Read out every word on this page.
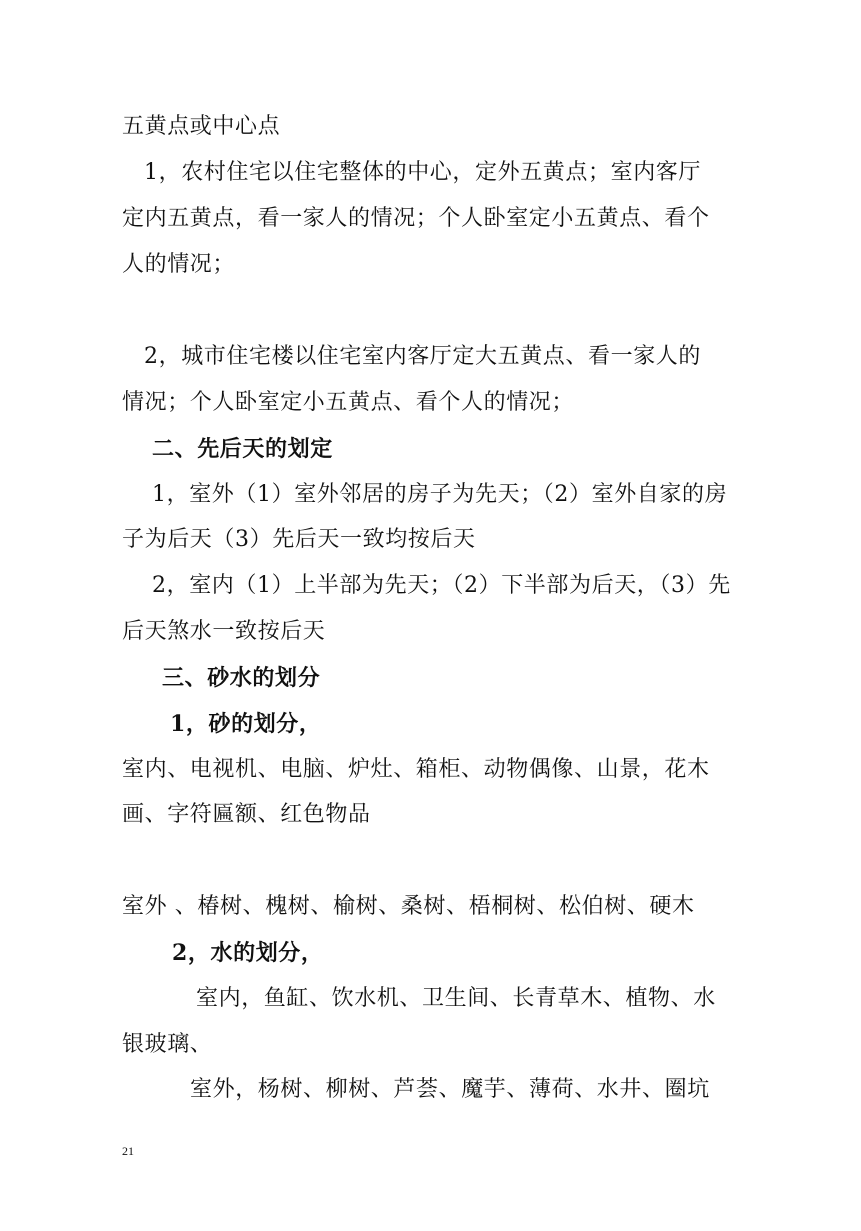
五黄点或中心点
1，农村住宅以住宅整体的中心，定外五黄点；室内客厅
定内五黄点，看一家人的情况；个人卧室定小五黄点、看个
人的情况；
2，城市住宅楼以住宅室内客厅定大五黄点、看一家人的
情况；个人卧室定小五黄点、看个人的情况；
二、先后天的划定
1，室外（1）室外邻居的房子为先天；（2）室外自家的房
子为后天（3）先后天一致均按后天
2，室内（1）上半部为先天；（2）下半部为后天，（3）先
后天煞水一致按后天
三、砂水的划分
1，砂的划分，
室内、电视机、电脑、炉灶、箱柜、动物偶像、山景，花木
画、字符匾额、红色物品
室外 、椿树、槐树、榆树、桑树、梧桐树、松伯树、硬木
2，水的划分，
室内，鱼缸、饮水机、卫生间、长青草木、植物、水
银玻璃、
室外，杨树、柳树、芦荟、魔芋、薄荷、水井、圈坑
21
